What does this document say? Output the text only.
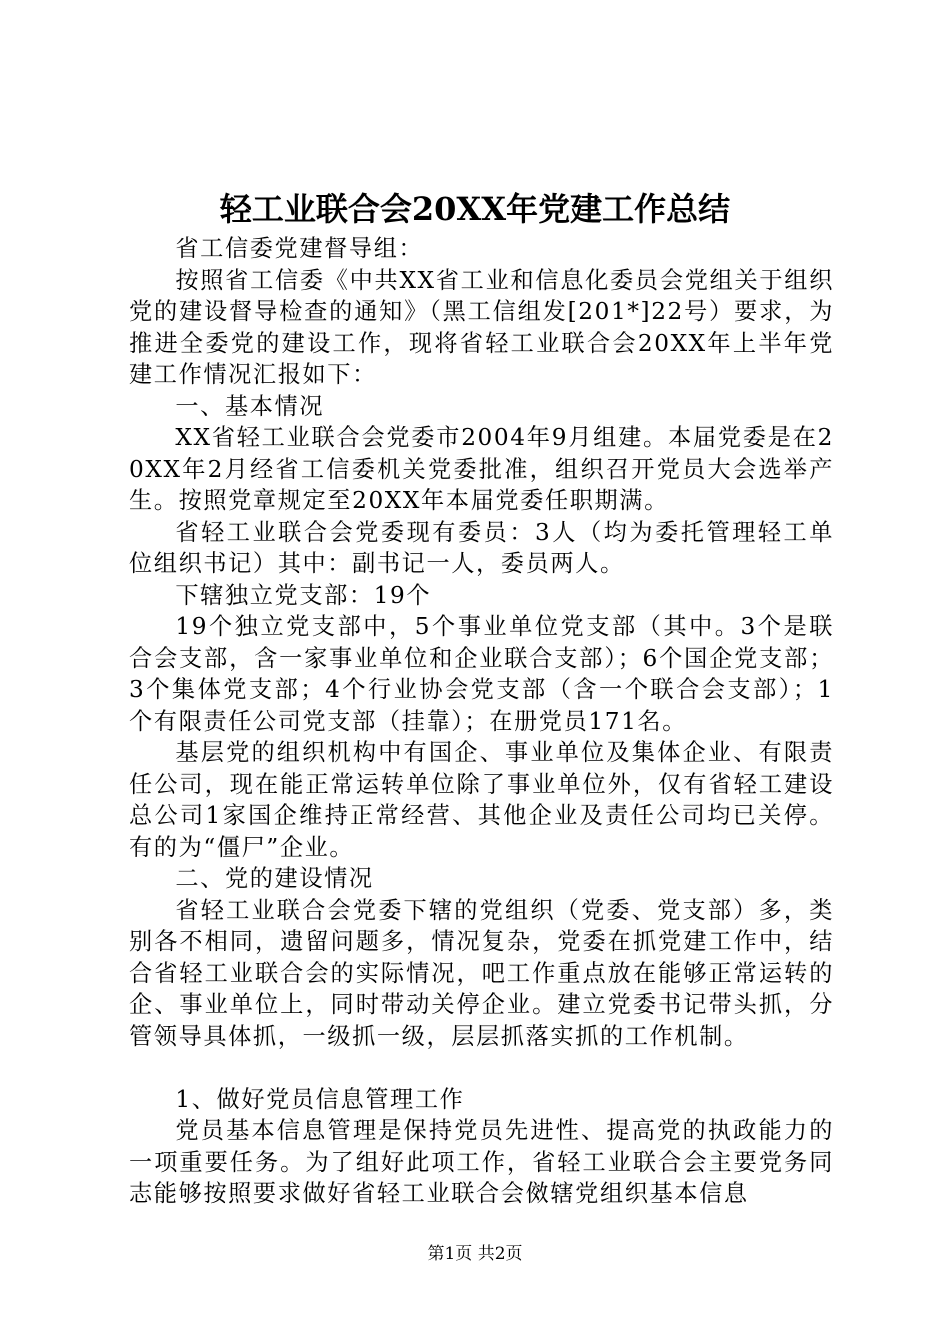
轻工业联合会20XX年党建工作总结

省工信委党建督导组：

按照省工信委《中共XX省工业和信息化委员会党组关于组织党的建设督导检查的通知》（黑工信组发[201*]22号）要求，为推进全委党的建设工作，现将省轻工业联合会20XX年上半年党建工作情况汇报如下：

一、基本情况

XX省轻工业联合会党委市2004年9月组建。本届党委是在20XX年2月经省工信委机关党委批准，组织召开党员大会选举产生。按照党章规定至20XX年本届党委任职期满。

省轻工业联合会党委现有委员：3人（均为委托管理轻工单位组织书记）其中：副书记一人，委员两人。

下辖独立党支部：19个

19个独立党支部中，5个事业单位党支部（其中。3个是联合会支部，含一家事业单位和企业联合支部）；6个国企党支部；3个集体党支部；4个行业协会党支部（含一个联合会支部）；1个有限责任公司党支部（挂靠）；在册党员171名。

基层党的组织机构中有国企、事业单位及集体企业、有限责任公司，现在能正常运转单位除了事业单位外，仅有省轻工建设总公司1家国企维持正常经营、其他企业及责任公司均已关停。有的为“僵尸”企业。

二、党的建设情况

省轻工业联合会党委下辖的党组织（党委、党支部）多，类别各不相同，遗留问题多，情况复杂，党委在抓党建工作中，结合省轻工业联合会的实际情况，吧工作重点放在能够正常运转的企、事业单位上，同时带动关停企业。建立党委书记带头抓，分管领导具体抓，一级抓一级，层层抓落实抓的工作机制。

1、做好党员信息管理工作

党员基本信息管理是保持党员先进性、提高党的执政能力的一项重要任务。为了组好此项工作，省轻工业联合会主要党务同志能够按照要求做好省轻工业联合会傚辖党组织基本信息

第1页 共2页
